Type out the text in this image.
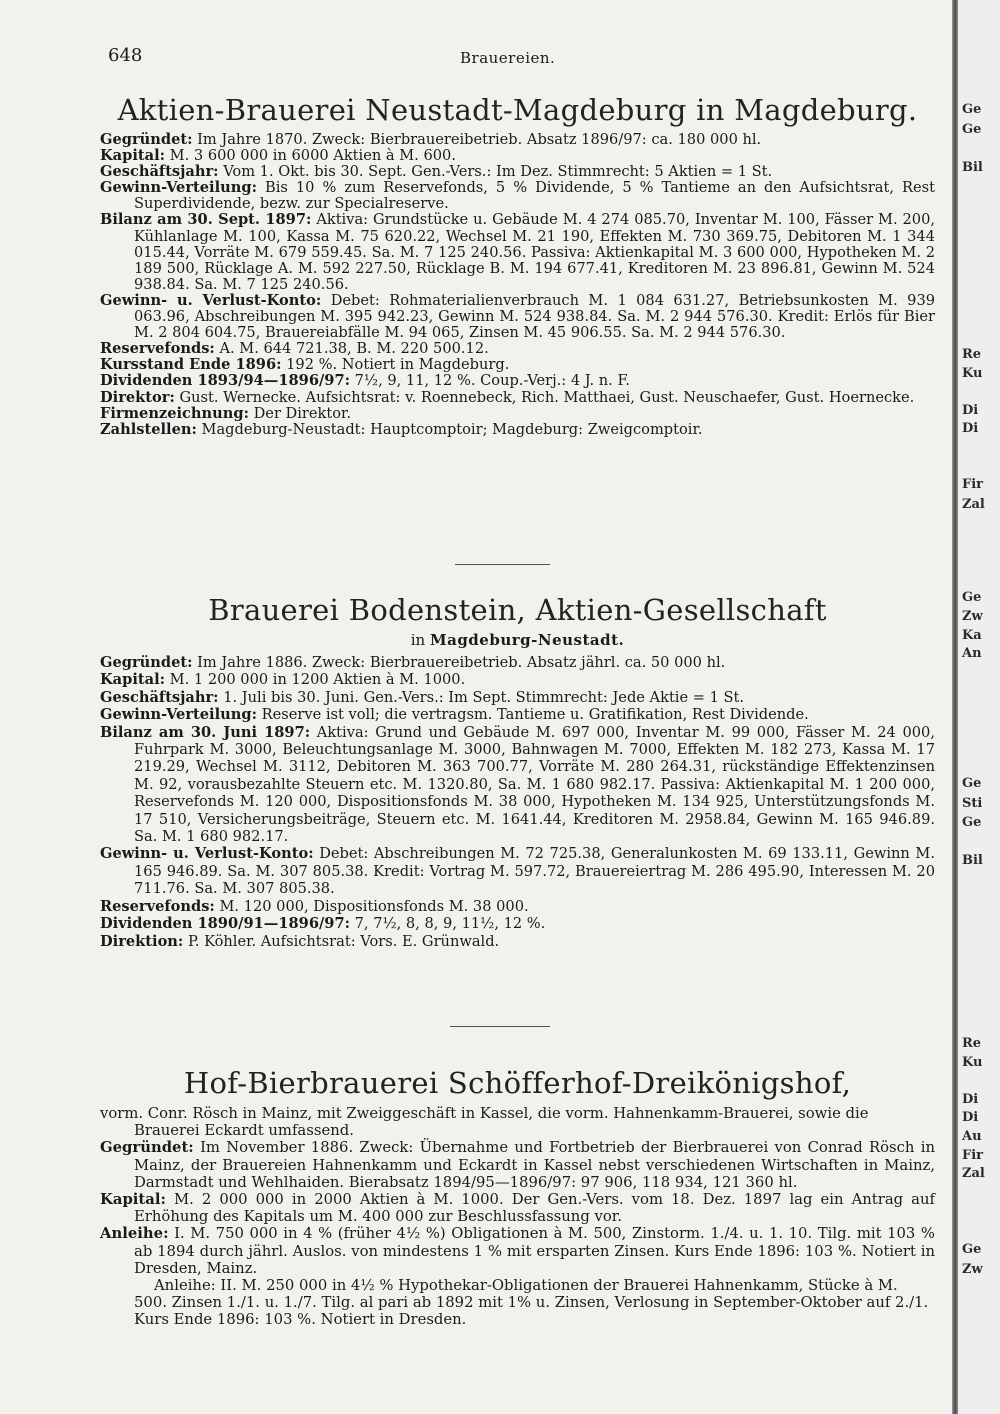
648	Brauereien.
Aktien-Brauerei Neustadt-Magdeburg in Magdeburg.

Gegründet: Im Jahre 1870. Zweck: Bierbrauereibetrieb. Absatz 1896/97: ca. 180 000 hl.

Kapital: M. 3 600 000 in 6000 Aktien à M. 600.

Geschäftsjahr: Vom 1. Okt. bis 30. Sept. Gen.-Vers.: Im Dez. Stimmrecht: 5 Aktien = 1 St.

Gewinn-Verteilung: Bis 10 % zum Reservefonds, 5 % Dividende, 5 % Tantieme an den Aufsichtsrat, Rest Superdividende, bezw. zur Specialreserve.

Bilanz am 30. Sept. 1897: Aktiva: Grundstücke u. Gebäude M. 4 274 085.70, Inventar M. 100, Fässer M. 200, Kühlanlage M. 100, Kassa M. 75 620.22, Wechsel M. 21 190, Effekten M. 730 369.75, Debitoren M. 1 344 015.44, Vorräte M. 679 559.45. Sa. M. 7 125 240.56. Passiva: Aktienkapital M. 3 600 000, Hypotheken M. 2 189 500, Rücklage A. M. 592 227.50, Rücklage B. M. 194 677.41, Kreditoren M. 23 896.81, Gewinn M. 524 938.84. Sa. M. 7 125 240.56.

Gewinn- u. Verlust-Konto: Debet: Rohmaterialienverbrauch M. 1 084 631.27, Betriebsunkosten M. 939 063.96, Abschreibungen M. 395 942.23, Gewinn M. 524 938.84. Sa. M. 2 944 576.30. Kredit: Erlös für Bier M. 2 804 604.75, Brauereiabfälle M. 94 065, Zinsen M. 45 906.55. Sa. M. 2 944 576.30.

Reservefonds: A. M. 644 721.38, B. M. 220 500.12.

Kursstand Ende 1896: 192 %. Notiert in Magdeburg.

Dividenden 1893/94—1896/97: 7½, 9, 11, 12 %. Coup.-Verj.: 4 J. n. F.

Direktor: Gust. Wernecke. Aufsichtsrat: v. Roennebeck, Rich. Matthaei, Gust. Neuschaefer, Gust. Hoernecke.

Firmenzeichnung: Der Direktor.

Zahlstellen: Magdeburg-Neustadt: Hauptcomptoir; Magdeburg: Zweigcomptoir.

Brauerei Bodenstein, Aktien-Gesellschaft
in Magdeburg-Neustadt.

Gegründet: Im Jahre 1886. Zweck: Bierbrauereibetrieb. Absatz jährl. ca. 50 000 hl.

Kapital: M. 1 200 000 in 1200 Aktien à M. 1000.

Geschäftsjahr: 1. Juli bis 30. Juni. Gen.-Vers.: Im Sept. Stimmrecht: Jede Aktie = 1 St.

Gewinn-Verteilung: Reserve ist voll; die vertragsm. Tantieme u. Gratifikation, Rest Dividende.

Bilanz am 30. Juni 1897: Aktiva: Grund und Gebäude M. 697 000, Inventar M. 99 000, Fässer M. 24 000, Fuhrpark M. 3000, Beleuchtungsanlage M. 3000, Bahnwagen M. 7000, Effekten M. 182 273, Kassa M. 17 219.29, Wechsel M. 3112, Debitoren M. 363 700.77, Vorräte M. 280 264.31, rückständige Effektenzinsen M. 92, vorausbezahlte Steuern etc. M. 1320.80, Sa. M. 1 680 982.17. Passiva: Aktienkapital M. 1 200 000, Reservefonds M. 120 000, Dispositionsfonds M. 38 000, Hypotheken M. 134 925, Unterstützungsfonds M. 17 510, Versicherungsbeiträge, Steuern etc. M. 1641.44, Kreditoren M. 2958.84, Gewinn M. 165 946.89. Sa. M. 1 680 982.17.

Gewinn- u. Verlust-Konto: Debet: Abschreibungen M. 72 725.38, Generalunkosten M. 69 133.11, Gewinn M. 165 946.89. Sa. M. 307 805.38. Kredit: Vortrag M. 597.72, Brauereiertrag M. 286 495.90, Interessen M. 20 711.76. Sa. M. 307 805.38.

Reservefonds: M. 120 000, Dispositionsfonds M. 38 000.

Dividenden 1890/91—1896/97: 7, 7½, 8, 8, 9, 11½, 12 %.

Direktion: P. Köhler. Aufsichtsrat: Vors. E. Grünwald.

Hof-Bierbrauerei Schöfferhof-Dreikönigshof,

vorm. Conr. Rösch in Mainz, mit Zweiggeschäft in Kassel, die vorm. Hahnenkamm-Brauerei, sowie die Brauerei Eckardt umfassend.

Gegründet: Im November 1886. Zweck: Übernahme und Fortbetrieb der Bierbrauerei von Conrad Rösch in Mainz, der Brauereien Hahnenkamm und Eckardt in Kassel nebst verschiedenen Wirtschaften in Mainz, Darmstadt und Wehlhaiden. Bierabsatz 1894/95—1896/97: 97 906, 118 934, 121 360 hl.

Kapital: M. 2 000 000 in 2000 Aktien à M. 1000. Der Gen.-Vers. vom 18. Dez. 1897 lag ein Antrag auf Erhöhung des Kapitals um M. 400 000 zur Beschlussfassung vor.

Anleihe: I. M. 750 000 in 4 % (früher 4½ %) Obligationen à M. 500, Zinstorm. 1./4. u. 1. 10. Tilg. mit 103 % ab 1894 durch jährl. Auslos. von mindestens 1 % mit ersparten Zinsen. Kurs Ende 1896: 103 %. Notiert in Dresden, Mainz.

Anleihe: II. M. 250 000 in 4½ % Hypothekar-Obligationen der Brauerei Hahnenkamm, Stücke à M. 500. Zinsen 1./1. u. 1./7. Tilg. al pari ab 1892 mit 1% u. Zinsen, Verlosung in September-Oktober auf 2./1. Kurs Ende 1896: 103 %. Notiert in Dresden.

Ge
Ge
Bil
Re
Ku
Di
Di
Fir
Zal
Ge
Zw
Ka
An
Ge
Sti
Ge
Bil
Re
Ku
Di
Di
Au
Fir
Zal
Ge
Zw
